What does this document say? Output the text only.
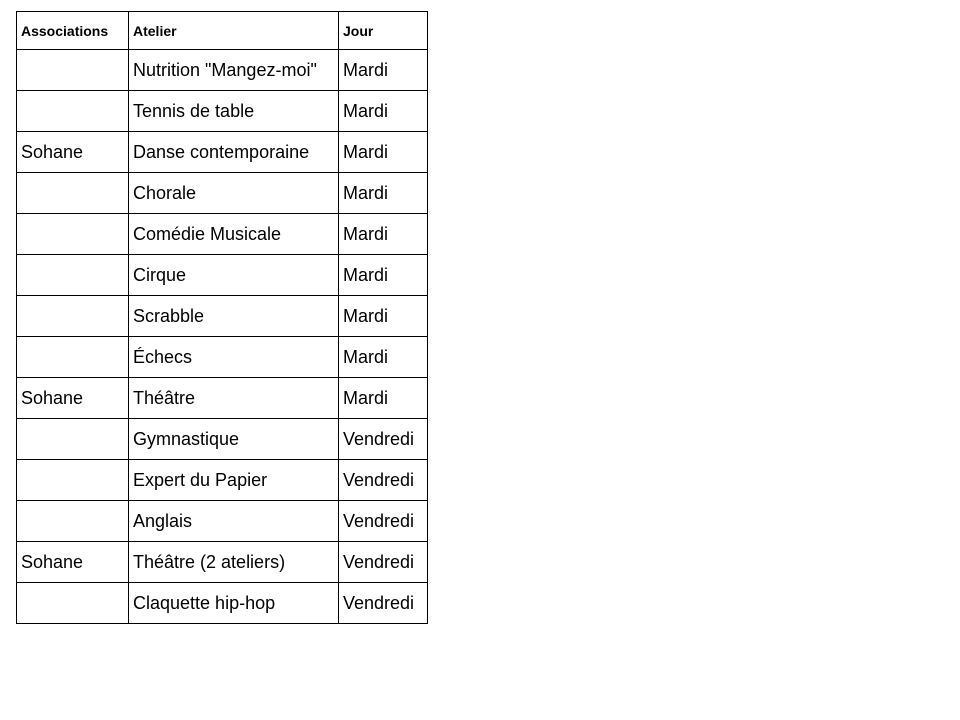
Associations	Atelier	Jour
	Nutrition "Mangez-moi"	Mardi
	Tennis de table	Mardi
Sohane	Danse contemporaine	Mardi
	Chorale	Mardi
	Comédie Musicale	Mardi
	Cirque	Mardi
	Scrabble	Mardi
	Échecs	Mardi
Sohane	Théâtre	Mardi
	Gymnastique	Vendredi
	Expert du Papier	Vendredi
	Anglais	Vendredi
Sohane	Théâtre (2 ateliers)	Vendredi
	Claquette hip-hop	Vendredi
